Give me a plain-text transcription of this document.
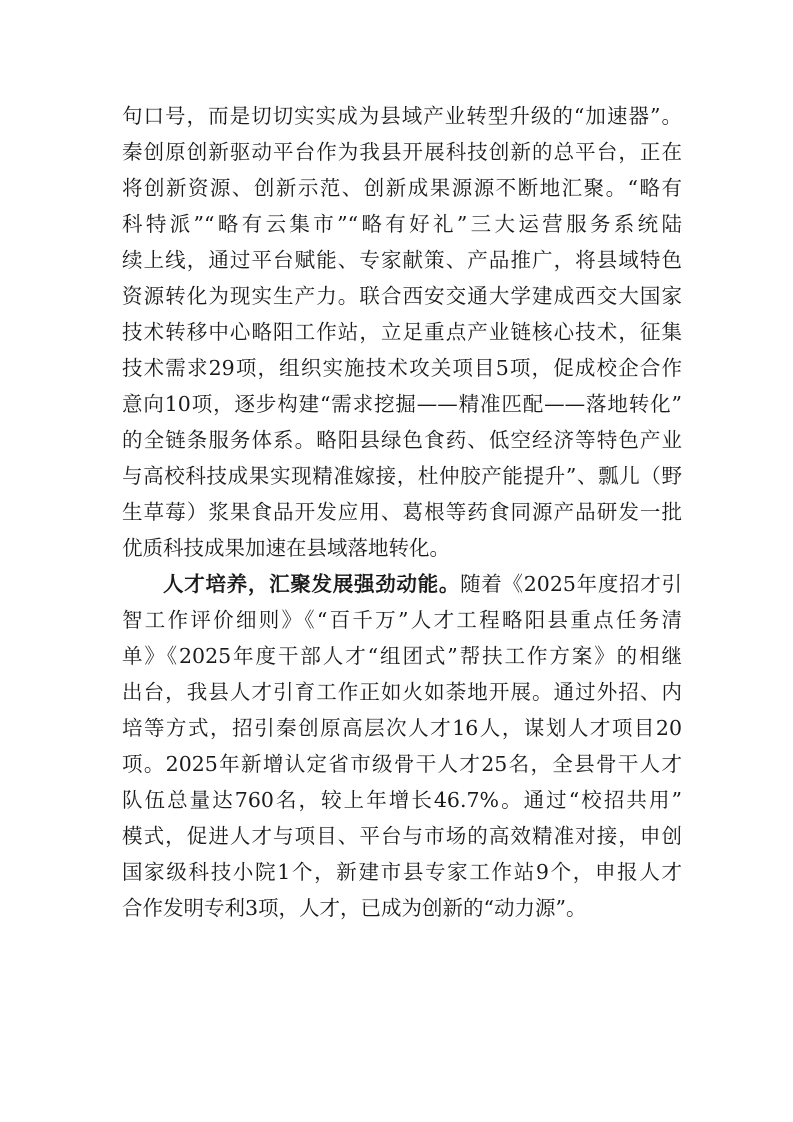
句口号，而是切切实实成为县域产业转型升级的“加速器”。
秦创原创新驱动平台作为我县开展科技创新的总平台，正在
将创新资源、创新示范、创新成果源源不断地汇聚。“略有
科特派”“略有云集市”“略有好礼”三大运营服务系统陆
续上线，通过平台赋能、专家献策、产品推广，将县域特色
资源转化为现实生产力。联合西安交通大学建成西交大国家
技术转移中心略阳工作站，立足重点产业链核心技术，征集
技术需求29项，组织实施技术攻关项目5项，促成校企合作
意向10项，逐步构建“需求挖掘——精准匹配——落地转化”
的全链条服务体系。略阳县绿色食药、低空经济等特色产业
与高校科技成果实现精准嫁接，杜仲胶产能提升”、瓢儿（野
生草莓）浆果食品开发应用、葛根等药食同源产品研发一批
优质科技成果加速在县域落地转化。
人才培养，汇聚发展强劲动能。随着《2025年度招才引
智工作评价细则》《“百千万”人才工程略阳县重点任务清
单》《2025年度干部人才“组团式”帮扶工作方案》的相继
出台，我县人才引育工作正如火如荼地开展。通过外招、内
培等方式，招引秦创原高层次人才16人，谋划人才项目20
项。2025年新增认定省市级骨干人才25名，全县骨干人才
队伍总量达760名，较上年增长46.7%。通过“校招共用”
模式，促进人才与项目、平台与市场的高效精准对接，申创
国家级科技小院1个，新建市县专家工作站9个，申报人才
合作发明专利3项，人才，已成为创新的“动力源”。
